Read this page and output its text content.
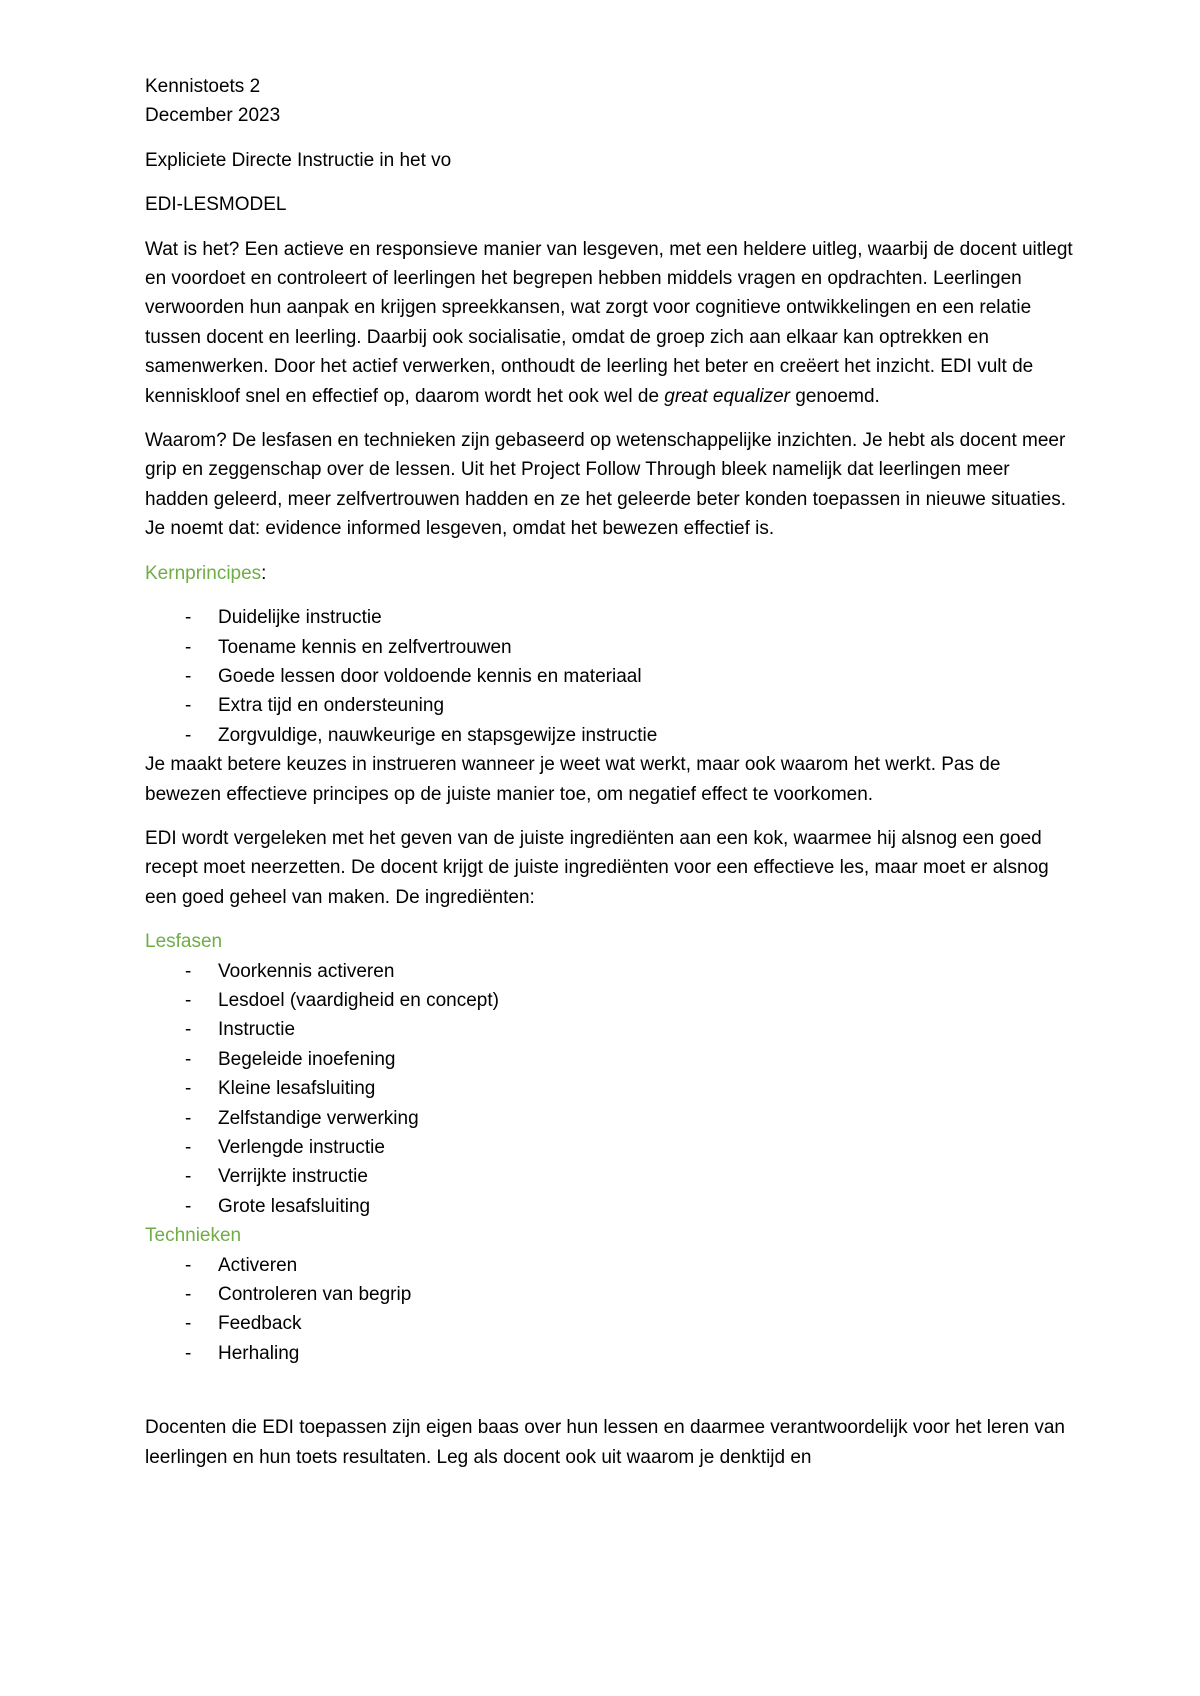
Kennistoets 2
December 2023

Expliciete Directe Instructie in het vo

EDI-LESMODEL

Wat is het? Een actieve en responsieve manier van lesgeven, met een heldere uitleg, waarbij de docent uitlegt en voordoet en controleert of leerlingen het begrepen hebben middels vragen en opdrachten. Leerlingen verwoorden hun aanpak en krijgen spreekkansen, wat zorgt voor cognitieve ontwikkelingen en een relatie tussen docent en leerling. Daarbij ook socialisatie, omdat de groep zich aan elkaar kan optrekken en samenwerken. Door het actief verwerken, onthoudt de leerling het beter en creëert het inzicht. EDI vult de kenniskloof snel en effectief op, daarom wordt het ook wel de great equalizer genoemd.

Waarom? De lesfasen en technieken zijn gebaseerd op wetenschappelijke inzichten. Je hebt als docent meer grip en zeggenschap over de lessen. Uit het Project Follow Through bleek namelijk dat leerlingen meer hadden geleerd, meer zelfvertrouwen hadden en ze het geleerde beter konden toepassen in nieuwe situaties. Je noemt dat: evidence informed lesgeven, omdat het bewezen effectief is.

Kernprincipes:

- Duidelijke instructie
- Toename kennis en zelfvertrouwen
- Goede lessen door voldoende kennis en materiaal
- Extra tijd en ondersteuning
- Zorgvuldige, nauwkeurige en stapsgewijze instructie

Je maakt betere keuzes in instrueren wanneer je weet wat werkt, maar ook waarom het werkt. Pas de bewezen effectieve principes op de juiste manier toe, om negatief effect te voorkomen.

EDI wordt vergeleken met het geven van de juiste ingrediënten aan een kok, waarmee hij alsnog een goed recept moet neerzetten. De docent krijgt de juiste ingrediënten voor een effectieve les, maar moet er alsnog een goed geheel van maken. De ingrediënten:

Lesfasen
- Voorkennis activeren
- Lesdoel (vaardigheid en concept)
- Instructie
- Begeleide inoefening
- Kleine lesafsluiting
- Zelfstandige verwerking
- Verlengde instructie
- Verrijkte instructie
- Grote lesafsluiting
Technieken
- Activeren
- Controleren van begrip
- Feedback
- Herhaling

Docenten die EDI toepassen zijn eigen baas over hun lessen en daarmee verantwoordelijk voor het leren van leerlingen en hun toets resultaten. Leg als docent ook uit waarom je denktijd en
